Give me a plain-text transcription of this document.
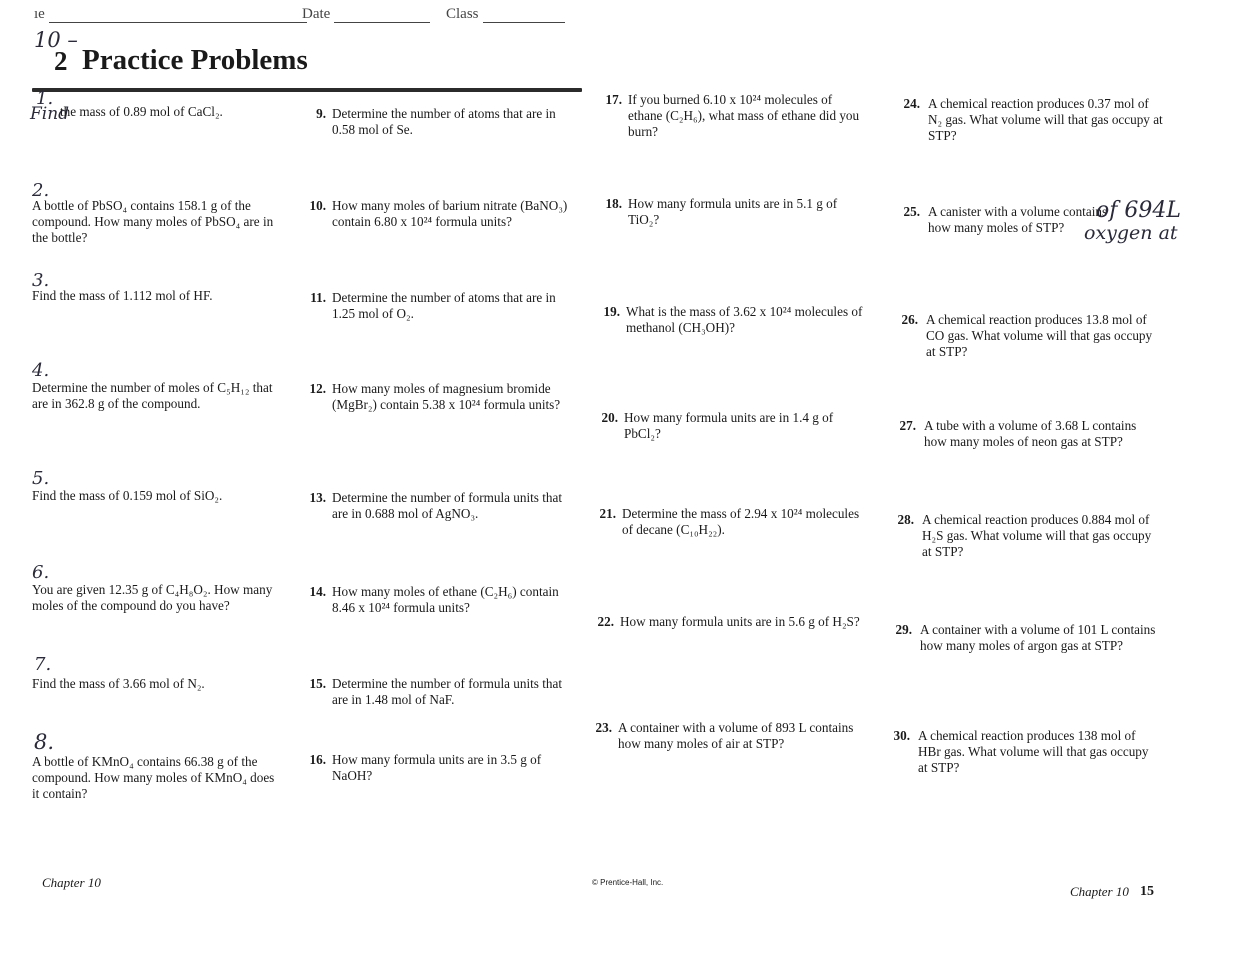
ıe	Date	Class
10 –
2 Practice Problems
1.
Find
2.
3.
4.
5.
6.
7.
8.
the mass of 0.89 mol of CaCl₂.
A bottle of PbSO₄ contains 158.1 g of the compound. How many moles of PbSO₄ are in the bottle?
Find the mass of 1.112 mol of HF.
Determine the number of moles of C₅H₁₂ that are in 362.8 g of the compound.
Find the mass of 0.159 mol of SiO₂.
You are given 12.35 g of C₄H₈O₂. How many moles of the compound do you have?
Find the mass of 3.66 mol of N₂.
A bottle of KMnO₄ contains 66.38 g of the compound. How many moles of KMnO₄ does it contain?
9. Determine the number of atoms that are in 0.58 mol of Se.
10. How many moles of barium nitrate (BaNO₃) contain 6.80 x 10²⁴ formula units?
11. Determine the number of atoms that are in 1.25 mol of O₂.
12. How many moles of magnesium bromide (MgBr₂) contain 5.38 x 10²⁴ formula units?
13. Determine the number of formula units that are in 0.688 mol of AgNO₃.
14. How many moles of ethane (C₂H₆) contain 8.46 x 10²⁴ formula units?
15. Determine the number of formula units that are in 1.48 mol of NaF.
16. How many formula units are in 3.5 g of NaOH?
17. If you burned 6.10 x 10²⁴ molecules of ethane (C₂H₆), what mass of ethane did you burn?
18. How many formula units are in 5.1 g of TiO₂?
19. What is the mass of 3.62 x 10²⁴ molecules of methanol (CH₃OH)?
20. How many formula units are in 1.4 g of PbCl₂?
21. Determine the mass of 2.94 x 10²⁴ molecules of decane (C₁₀H₂₂).
22. How many formula units are in 5.6 g of H₂S?
23. A container with a volume of 893 L contains how many moles of air at STP?
24. A chemical reaction produces 0.37 mol of N₂ gas. What volume will that gas occupy at STP?
25. A canister with a volume contains how many moles of STP?
of 694L
oxygen at
26. A chemical reaction produces 13.8 mol of CO gas. What volume will that gas occupy at STP?
27. A tube with a volume of 3.68 L contains how many moles of neon gas at STP?
28. A chemical reaction produces 0.884 mol of H₂S gas. What volume will that gas occupy at STP?
29. A container with a volume of 101 L contains how many moles of argon gas at STP?
30. A chemical reaction produces 138 mol of HBr gas. What volume will that gas occupy at STP?
Chapter 10	© Prentice-Hall, Inc.
Chapter 10 15
